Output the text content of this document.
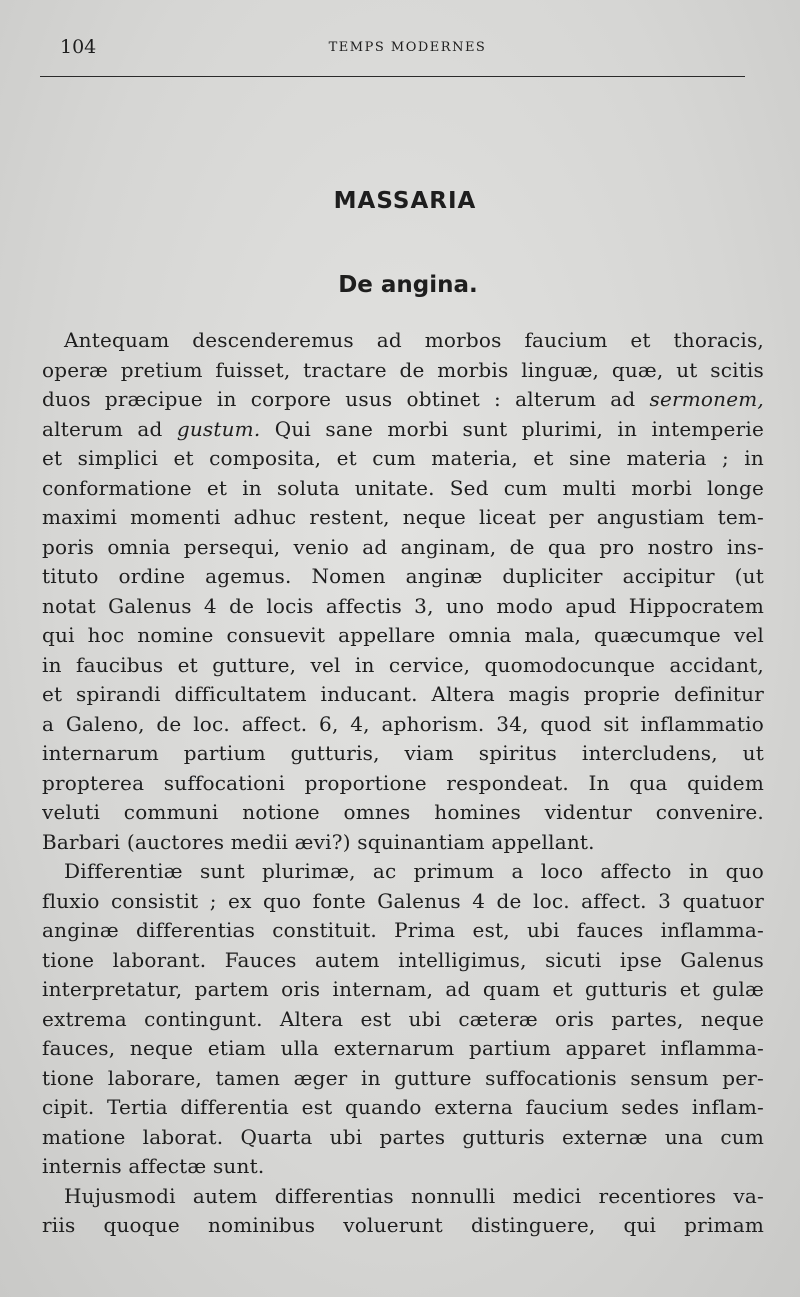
104	TEMPS MODERNES
MASSARIA
De angina.
Antequam descenderemus ad morbos faucium et thoracis,
operæ pretium fuisset, tractare de morbis linguæ, quæ, ut scitis
duos præcipue in corpore usus obtinet : alterum ad sermonem,
alterum ad gustum. Qui sane morbi sunt plurimi, in intemperie
et simplici et composita, et cum materia, et sine materia ; in
conformatione et in soluta unitate. Sed cum multi morbi longe
maximi momenti adhuc restent, neque liceat per angustiam tem-
poris omnia persequi, venio ad anginam, de qua pro nostro ins-
tituto ordine agemus. Nomen anginæ dupliciter accipitur (ut
notat Galenus 4 de locis affectis 3, uno modo apud Hippocratem
qui hoc nomine consuevit appellare omnia mala, quæcumque vel
in faucibus et gutture, vel in cervice, quomodocunque accidant,
et spirandi difficultatem inducant. Altera magis proprie definitur
a Galeno, de loc. affect. 6, 4, aphorism. 34, quod sit inflammatio
internarum partium gutturis, viam spiritus intercludens, ut
propterea suffocationi proportione respondeat. In qua quidem
veluti communi notione omnes homines videntur convenire.
Barbari (auctores medii ævi?) squinantiam appellant.
Differentiæ sunt plurimæ, ac primum a loco affecto in quo
fluxio consistit ; ex quo fonte Galenus 4 de loc. affect. 3 quatuor
anginæ differentias constituit. Prima est, ubi fauces inflamma-
tione laborant. Fauces autem intelligimus, sicuti ipse Galenus
interpretatur, partem oris internam, ad quam et gutturis et gulæ
extrema contingunt. Altera est ubi cæteræ oris partes, neque
fauces, neque etiam ulla externarum partium apparet inflamma-
tione laborare, tamen æger in gutture suffocationis sensum per-
cipit. Tertia differentia est quando externa faucium sedes inflam-
matione laborat. Quarta ubi partes gutturis externæ una cum
internis affectæ sunt.
Hujusmodi autem differentias nonnulli medici recentiores va-
riis quoque nominibus voluerunt distinguere, qui primam
